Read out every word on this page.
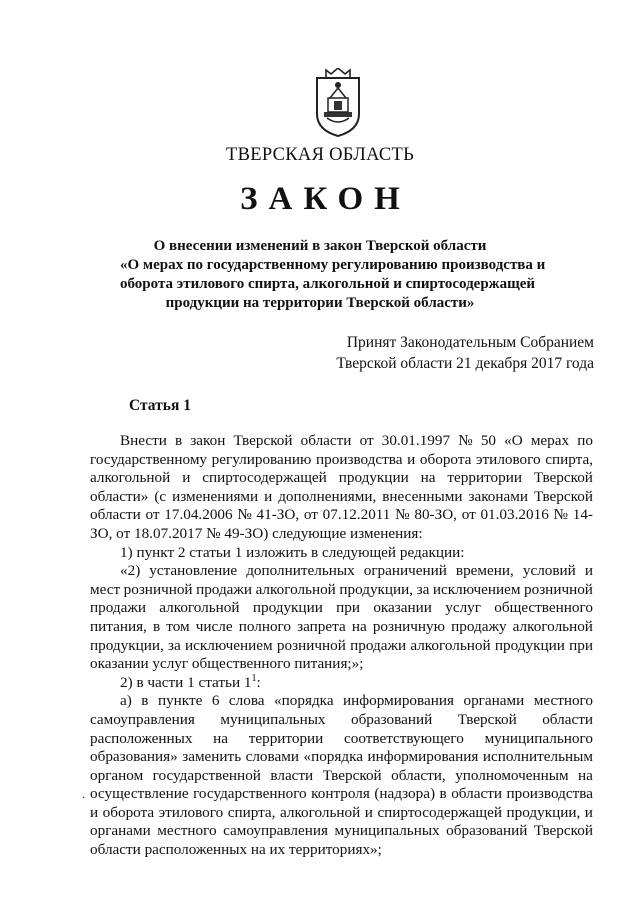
ТВЕРСКАЯ ОБЛАСТЬ
ЗАКОН
О внесении изменений в закон Тверской области
«О мерах по государственному регулированию производства и
оборота этилового спирта, алкогольной и спиртосодержащей
продукции на территории Тверской области»
Принят Законодательным Собранием
Тверской области 21 декабря 2017 года
Статья 1
Внести в закон Тверской области от 30.01.1997 № 50 «О мерах по
государственному регулированию производства и оборота этилового спирта,
алкогольной и спиртосодержащей продукции на территории Тверской
области» (с изменениями и дополнениями, внесенными законами Тверской
области от 17.04.2006 № 41-ЗО, от 07.12.2011 № 80-ЗО, от 01.03.2016 № 14-
ЗО, от 18.07.2017 № 49-ЗО) следующие изменения:
1) пункт 2 статьи 1 изложить в следующей редакции:
«2) установление дополнительных ограничений времени, условий и
мест розничной продажи алкогольной продукции, за исключением розничной
продажи алкогольной продукции при оказании услуг общественного
питания, в том числе полного запрета на розничную продажу алкогольной
продукции, за исключением розничной продажи алкогольной продукции при
оказании услуг общественного питания;»;
2) в части 1 статьи $1^1$:
а) в пункте 6 слова «порядка информирования органами местного
самоуправления муниципальных образований Тверской области
расположенных на территории соответствующего муниципального
образования» заменить словами «порядка информирования исполнительным
органом государственной власти Тверской области, уполномоченным на
осуществление государственного контроля (надзора) в области производства
и оборота этилового спирта, алкогольной и спиртосодержащей продукции, и
органами местного самоуправления муниципальных образований Тверской
области расположенных на их территориях»;
.
